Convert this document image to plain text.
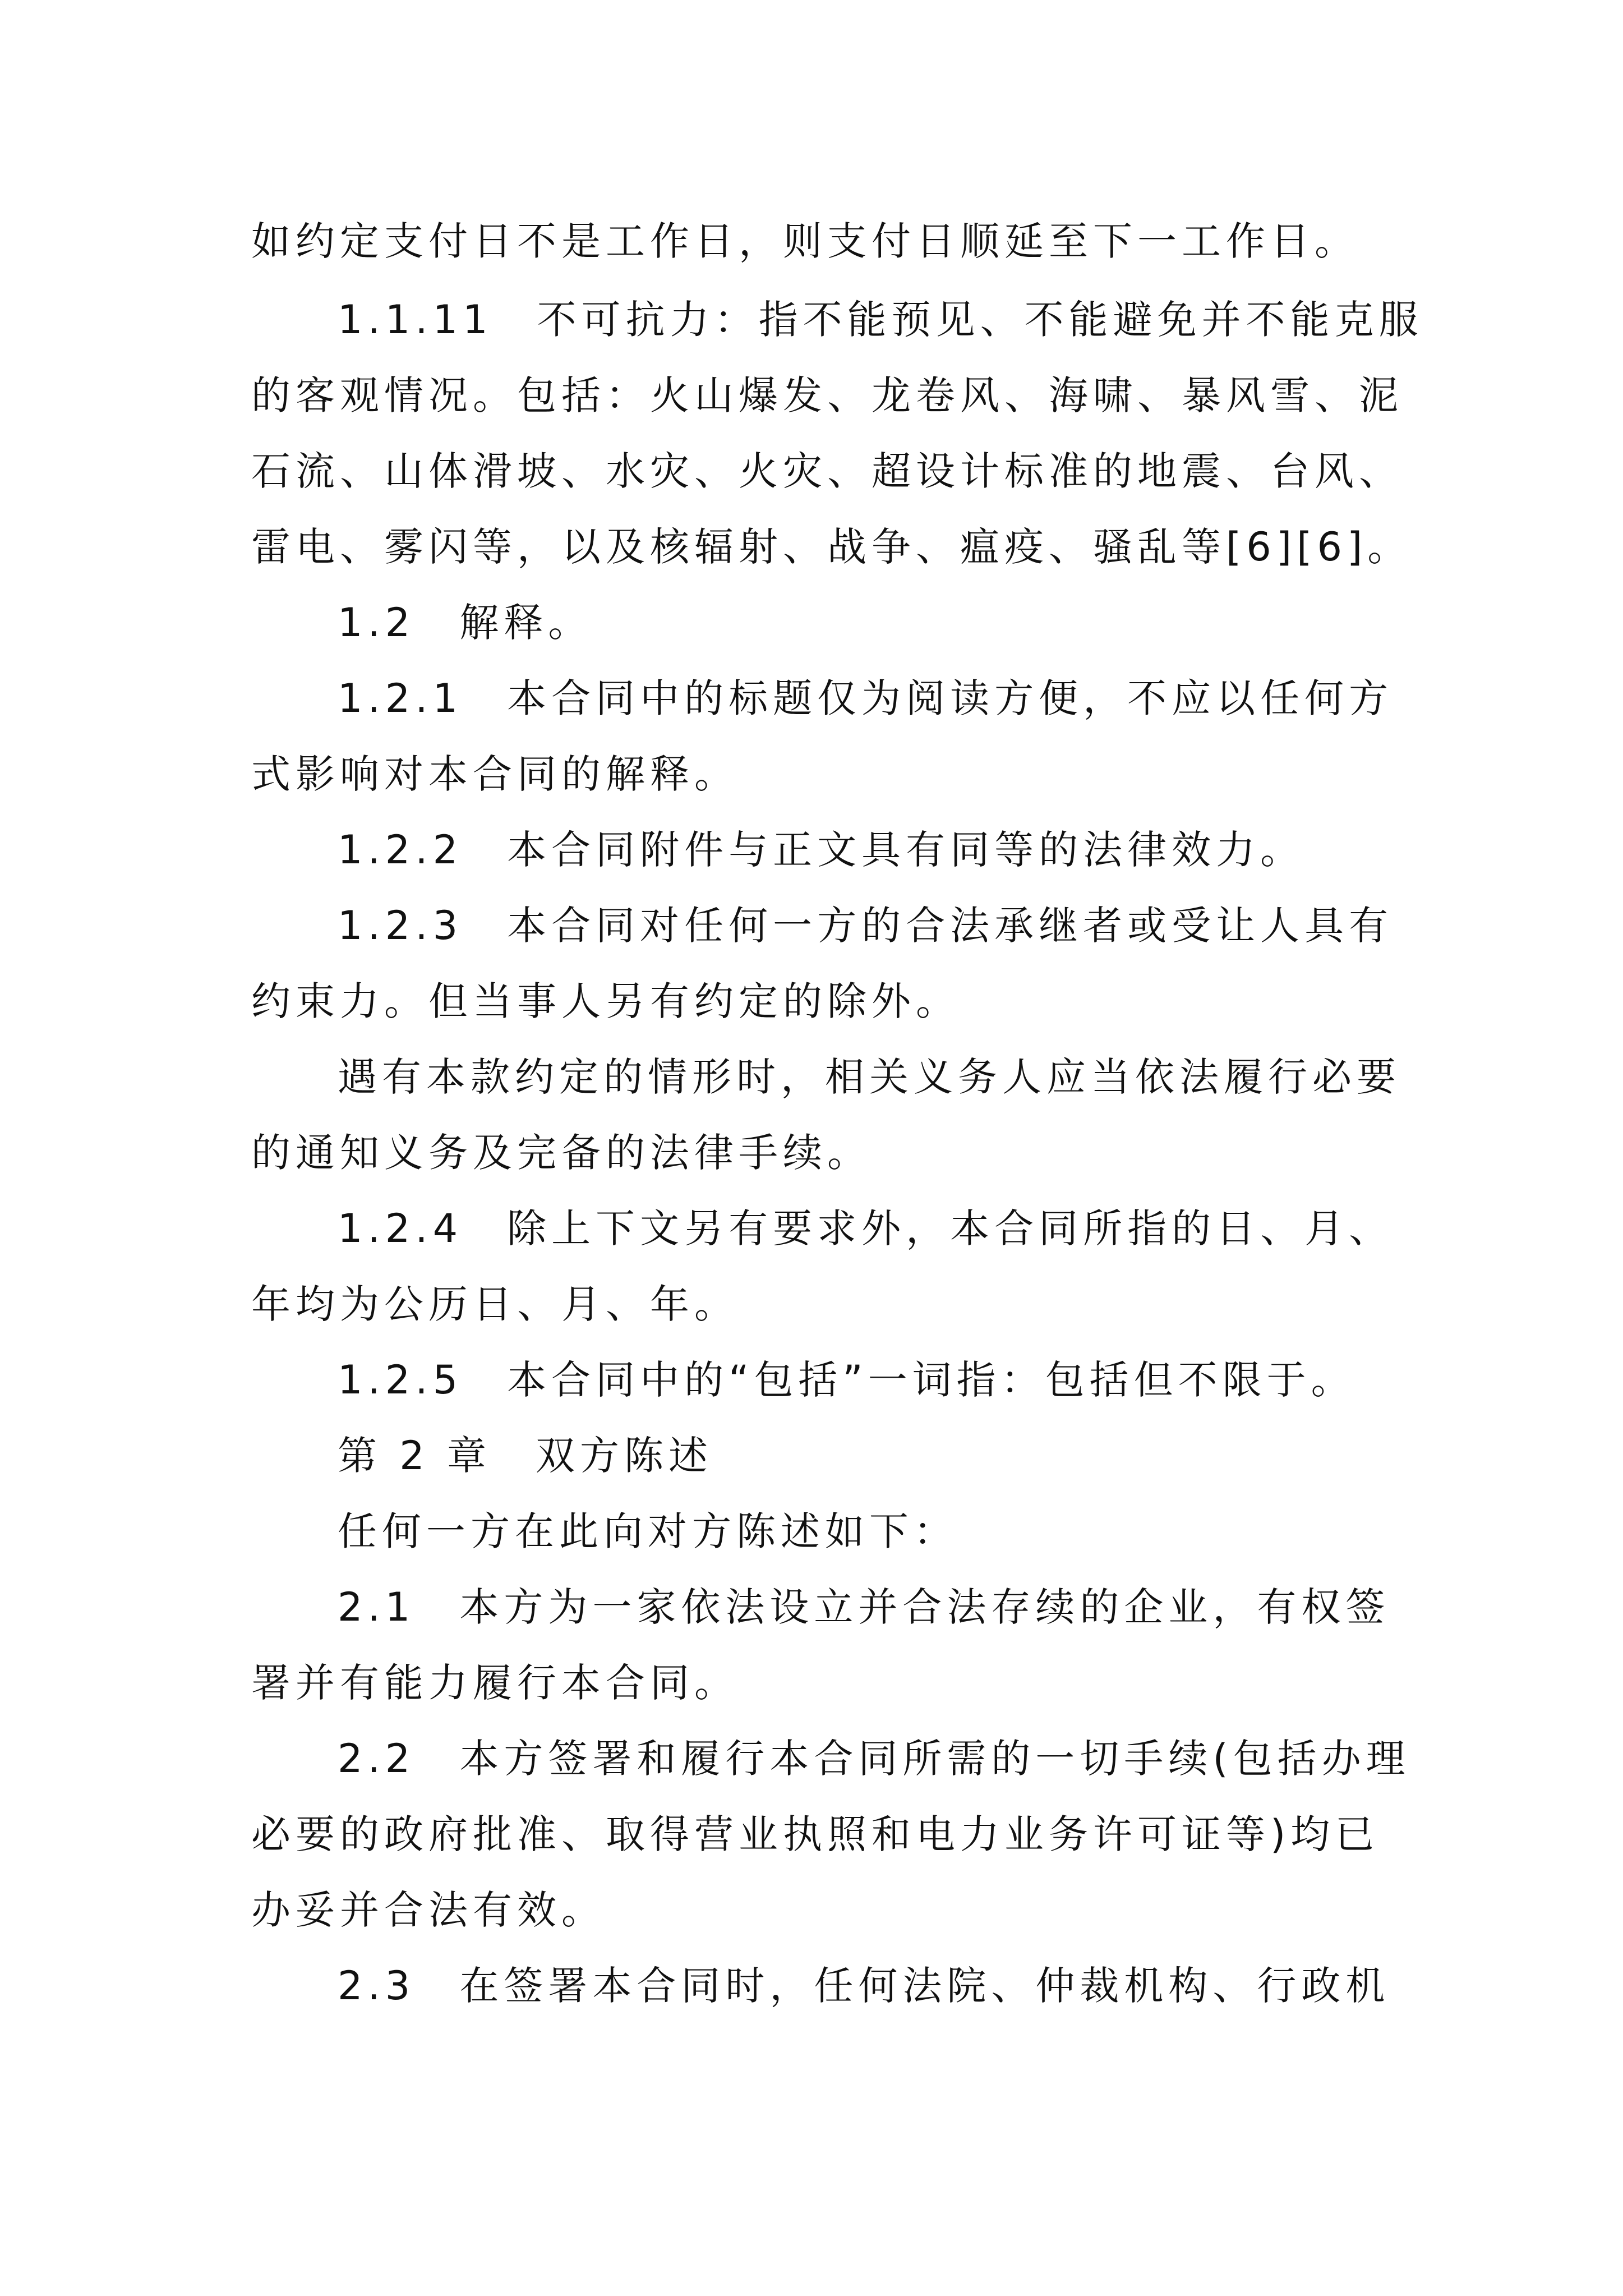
如约定支付日不是工作日，则支付日顺延至下一工作日。
1.1.11　不可抗力：指不能预见、不能避免并不能克服
的客观情况。包括：火山爆发、龙卷风、海啸、暴风雪、泥
石流、山体滑坡、水灾、火灾、超设计标准的地震、台风、
雷电、雾闪等，以及核辐射、战争、瘟疫、骚乱等[6][6]。
1.2　解释。
1.2.1　本合同中的标题仅为阅读方便，不应以任何方
式影响对本合同的解释。
1.2.2　本合同附件与正文具有同等的法律效力。
1.2.3　本合同对任何一方的合法承继者或受让人具有
约束力。但当事人另有约定的除外。
遇有本款约定的情形时，相关义务人应当依法履行必要
的通知义务及完备的法律手续。
1.2.4　除上下文另有要求外，本合同所指的日、月、
年均为公历日、月、年。
1.2.5　本合同中的“包括”一词指：包括但不限于。
第 2 章　双方陈述
任何一方在此向对方陈述如下：
2.1　本方为一家依法设立并合法存续的企业，有权签
署并有能力履行本合同。
2.2　本方签署和履行本合同所需的一切手续(包括办理
必要的政府批准、取得营业执照和电力业务许可证等)均已
办妥并合法有效。
2.3　在签署本合同时，任何法院、仲裁机构、行政机
